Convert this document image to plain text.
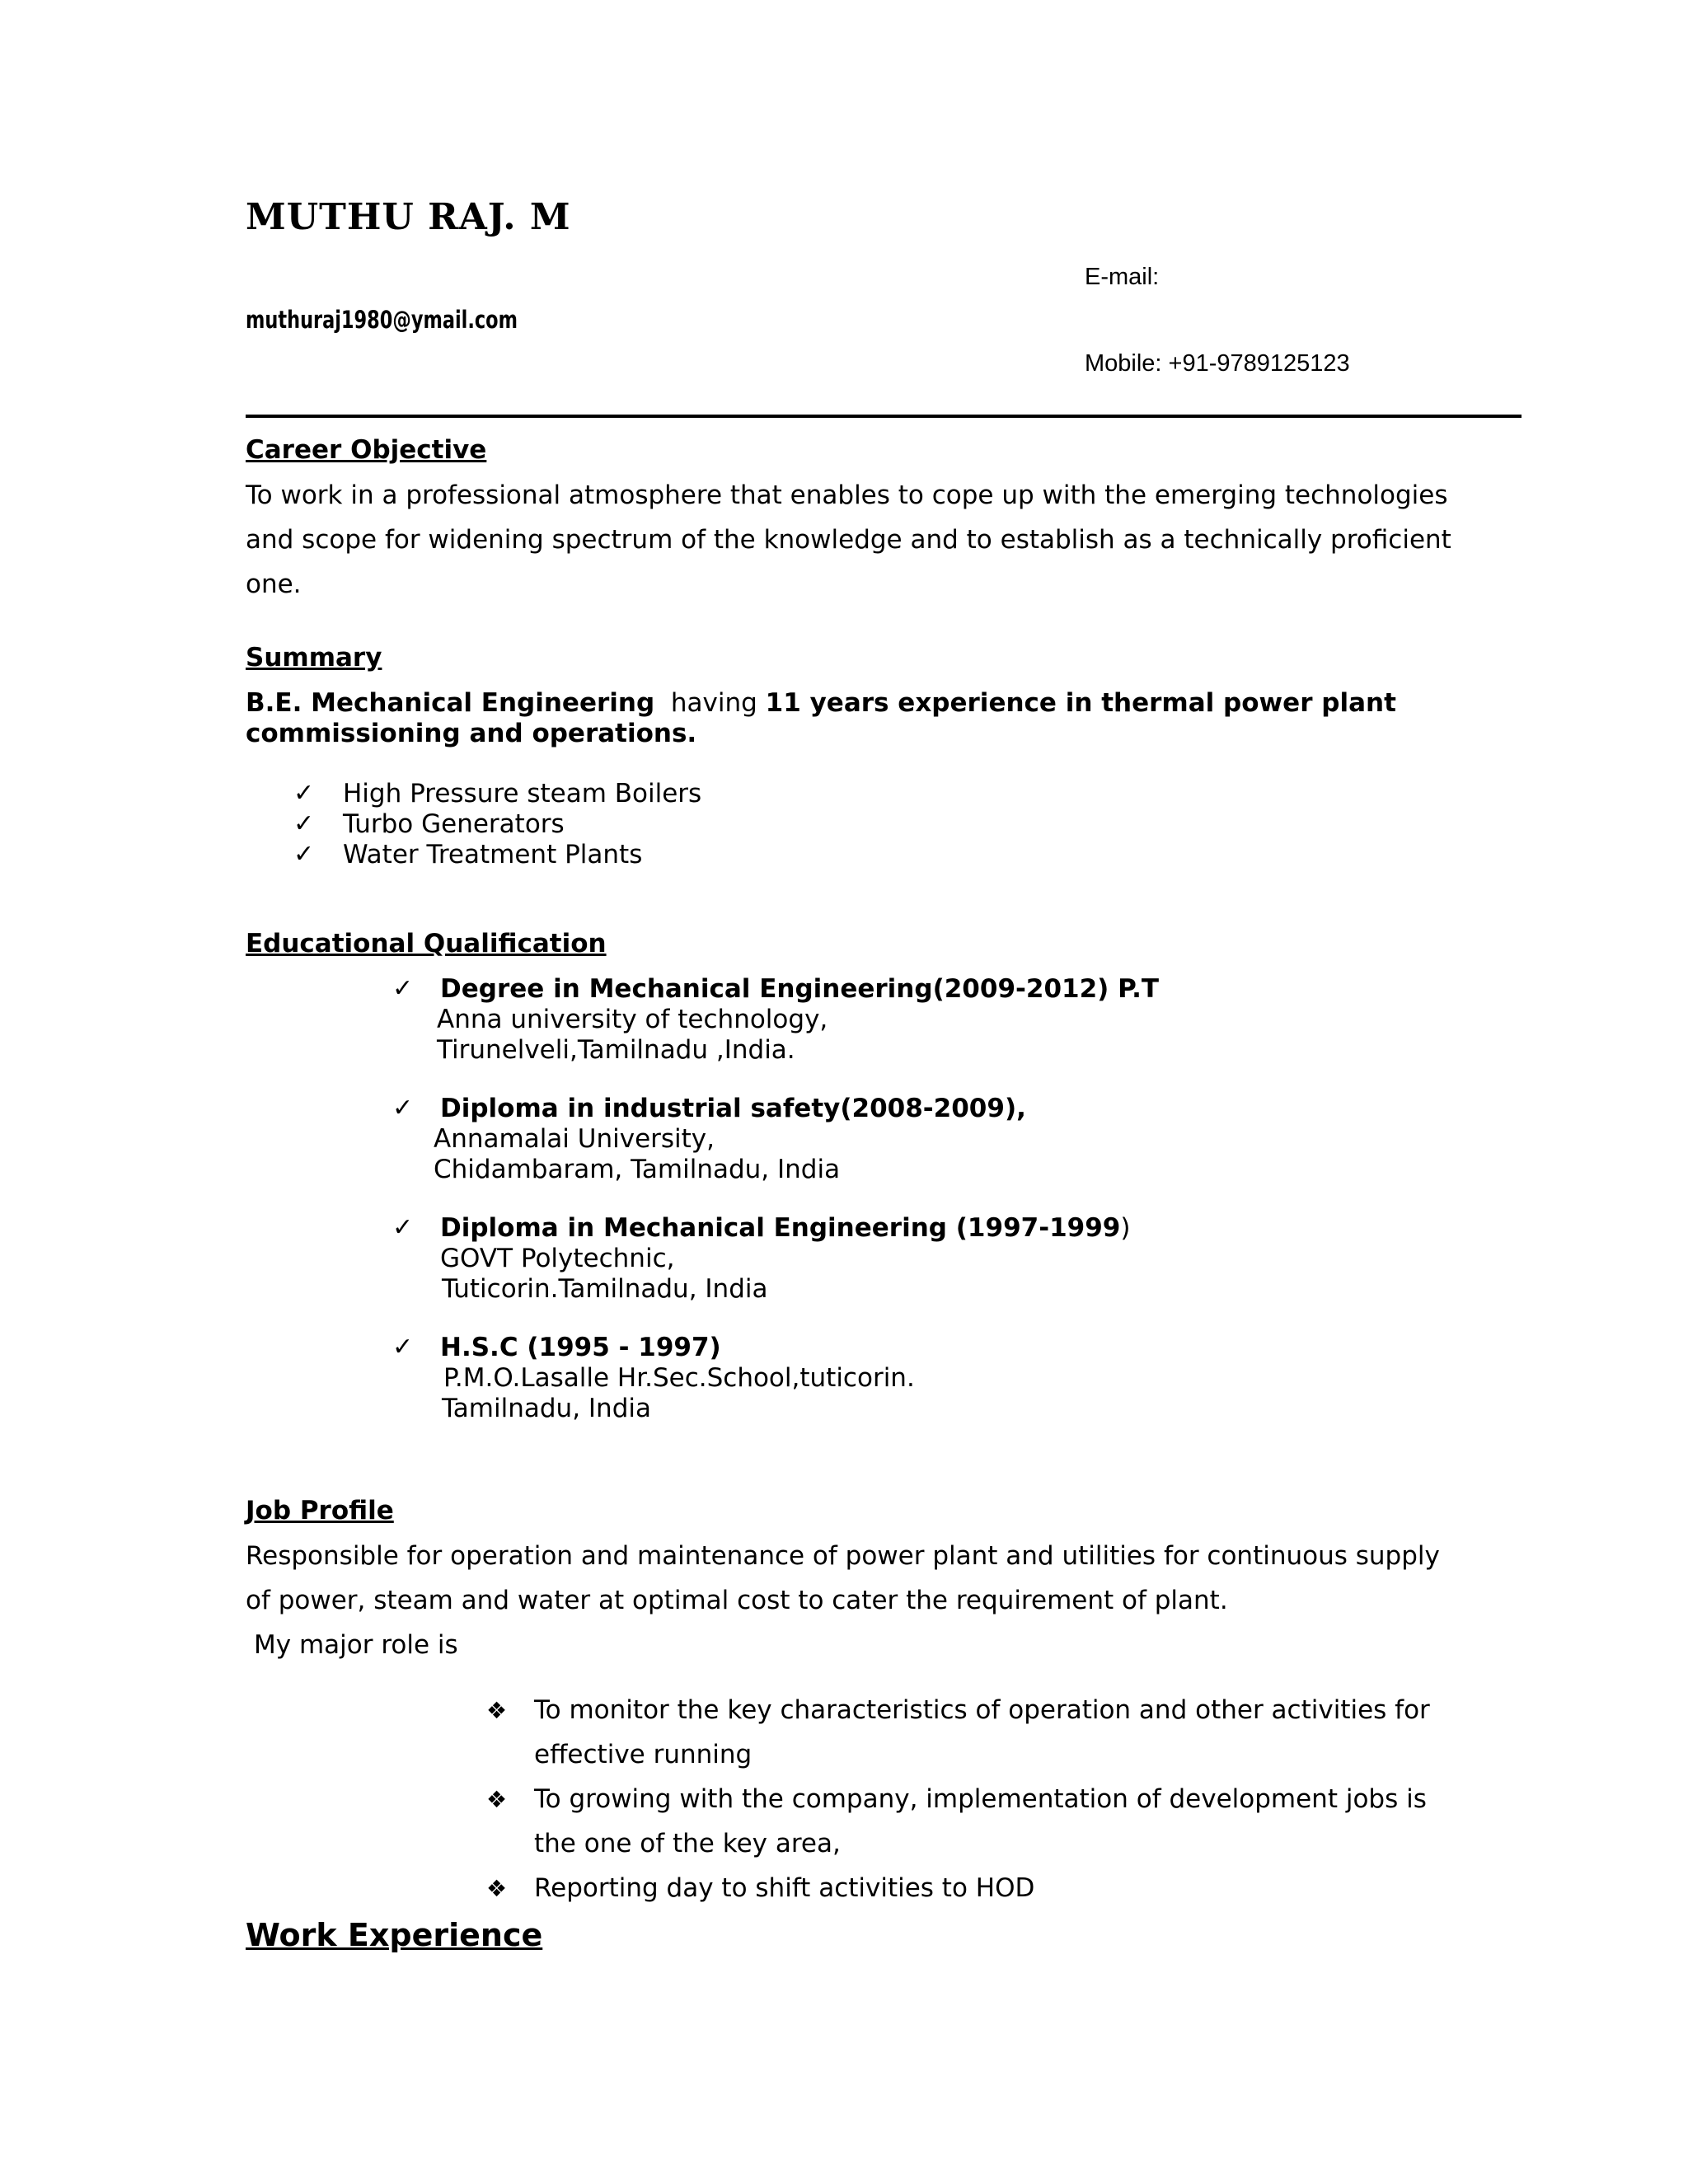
MUTHU RAJ. M
E-mail:
muthuraj1980@ymail.com
Mobile: +91-9789125123
Career Objective
To work in a professional atmosphere that enables to cope up with the emerging technologies
and scope for widening spectrum of the knowledge and to establish as a technically proficient
one.
Summary
B.E. Mechanical Engineering having 11 years experience in thermal power plant
commissioning and operations.
✓ High Pressure steam Boilers
✓ Turbo Generators
✓ Water Treatment Plants
Educational Qualification
✓ Degree in Mechanical Engineering(2009-2012) P.T
Anna university of technology,
Tirunelveli,Tamilnadu ,India.
✓ Diploma in industrial safety(2008-2009),
Annamalai University,
Chidambaram, Tamilnadu, India
✓ Diploma in Mechanical Engineering (1997-1999)
GOVT Polytechnic,
Tuticorin.Tamilnadu, India
✓ H.S.C (1995 - 1997)
P.M.O.Lasalle Hr.Sec.School,tuticorin.
Tamilnadu, India
Job Profile
Responsible for operation and maintenance of power plant and utilities for continuous supply
of power, steam and water at optimal cost to cater the requirement of plant.
My major role is
❖ To monitor the key characteristics of operation and other activities for
effective running
❖ To growing with the company, implementation of development jobs is
the one of the key area,
❖ Reporting day to shift activities to HOD
Work Experience
